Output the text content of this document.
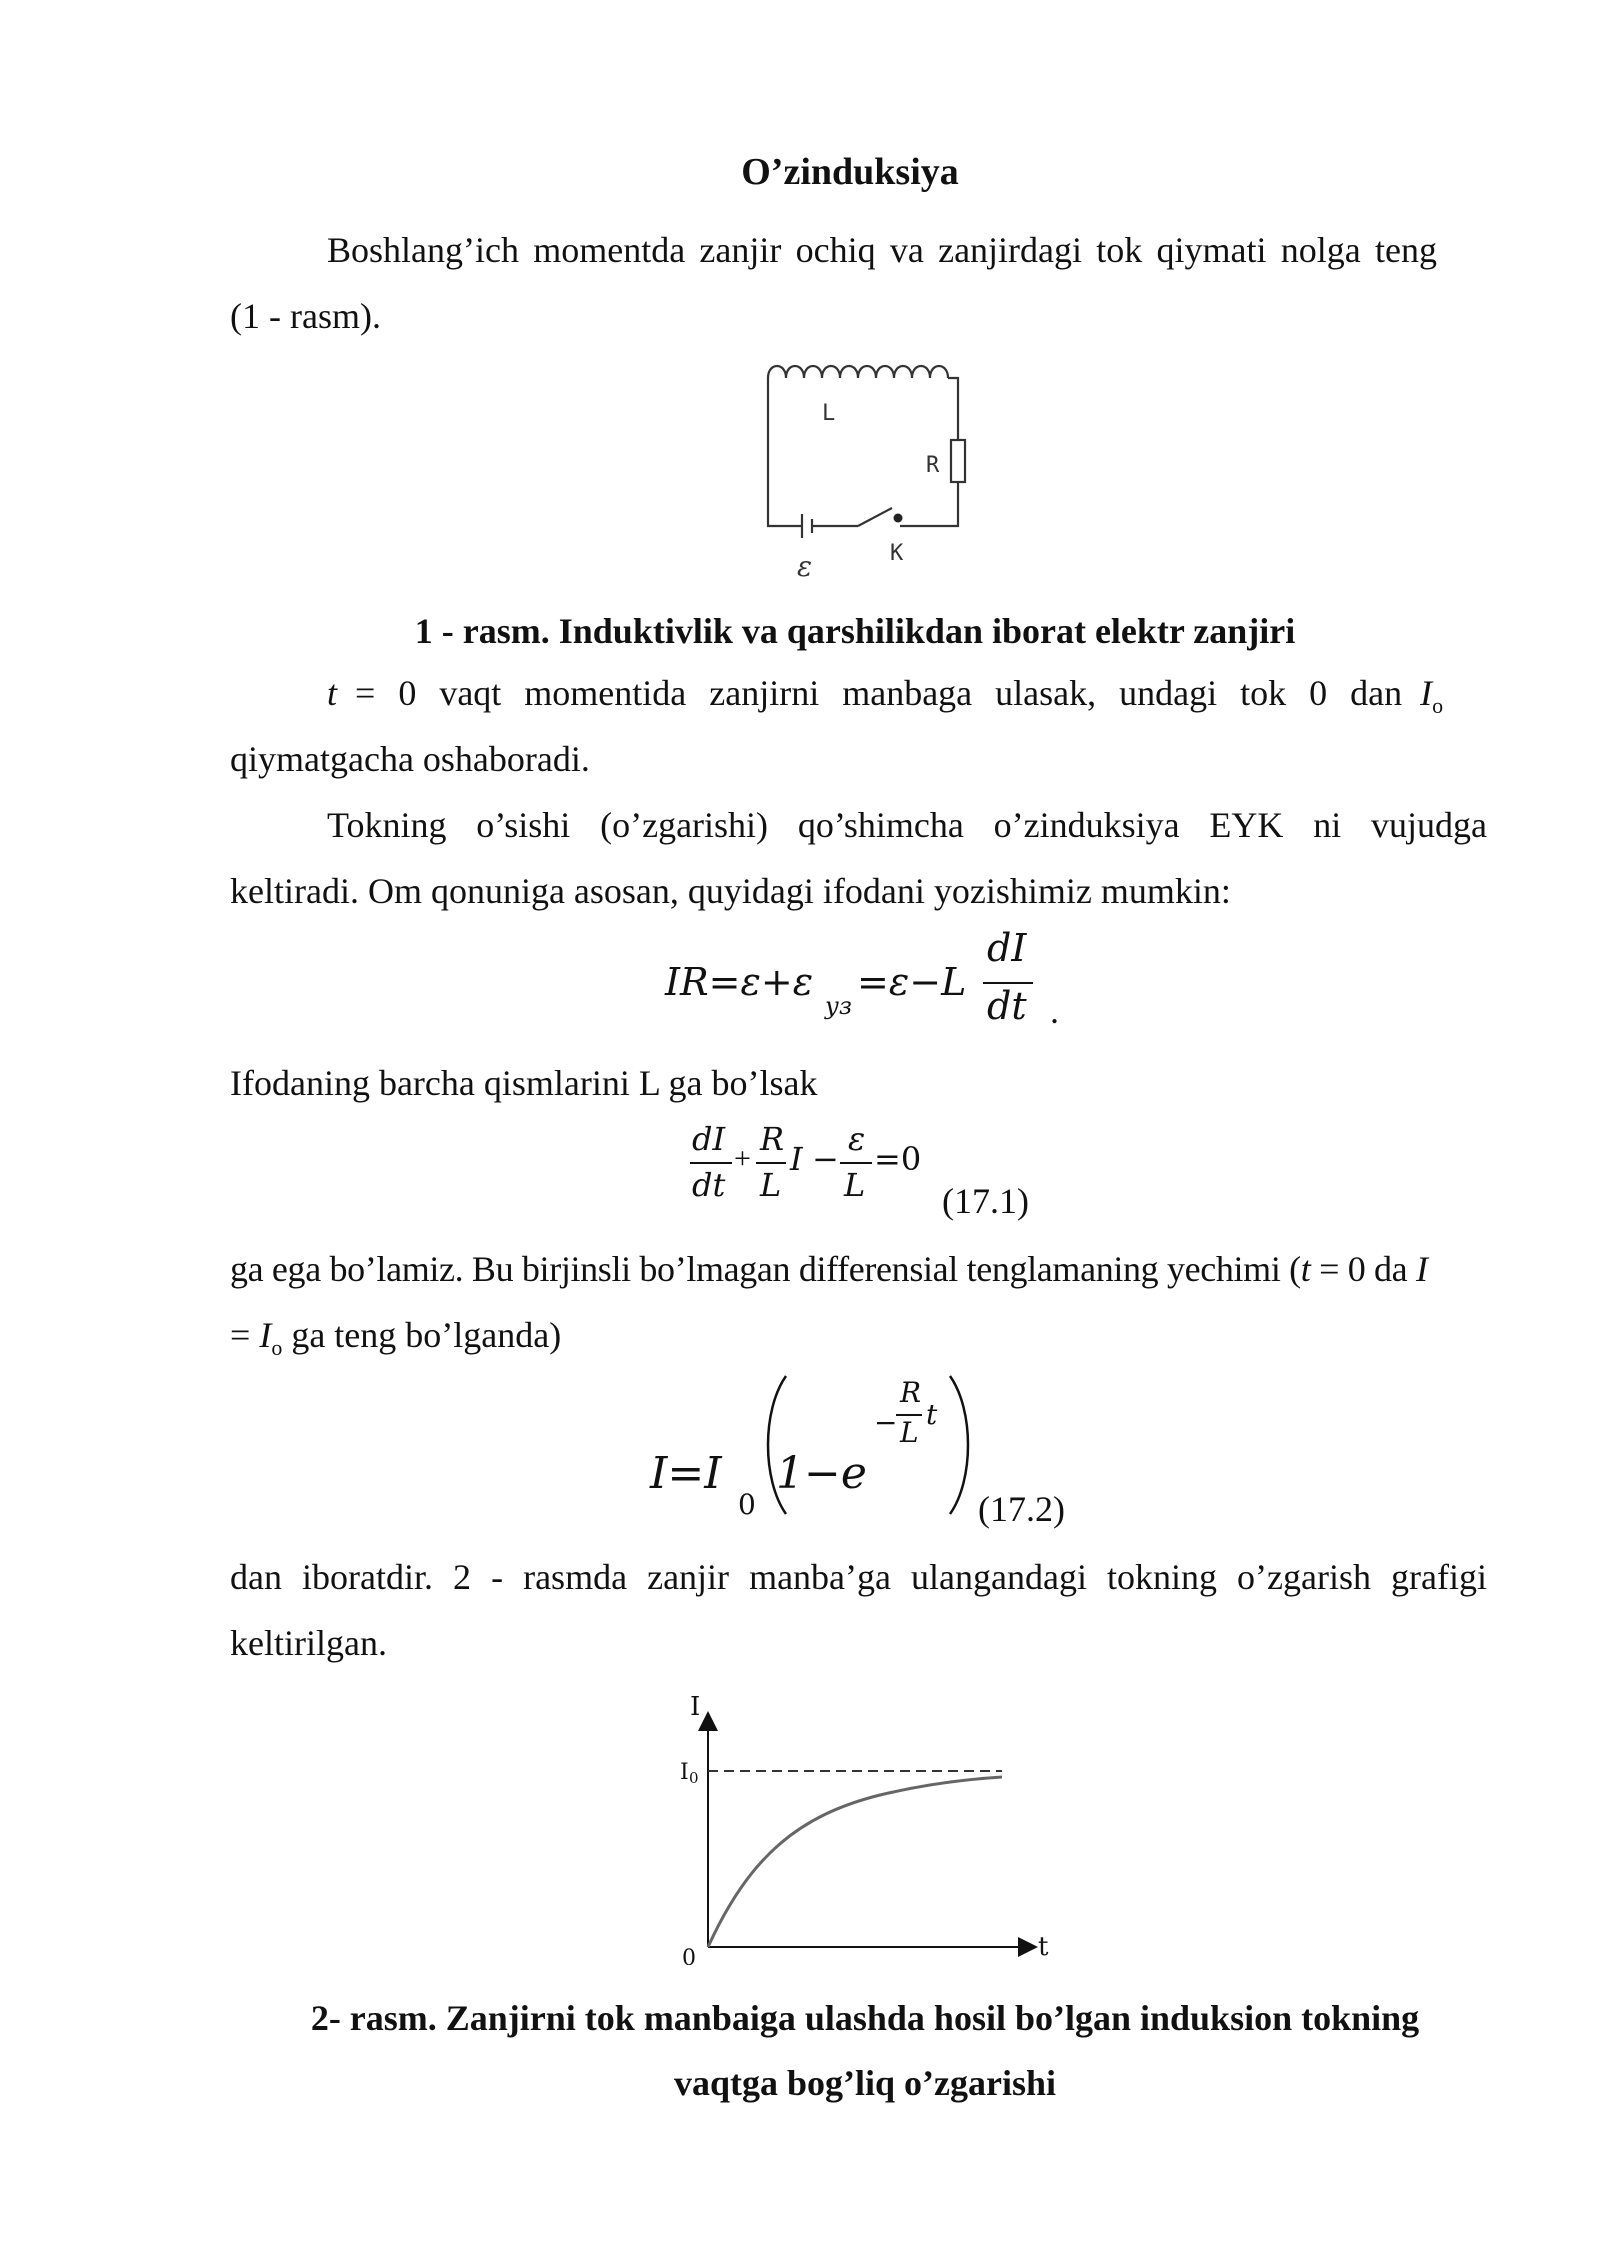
O’zinduksiya

Boshlang’ich momentda zanjir ochiq va zanjirdagi tok qiymati nolga teng

(1 - rasm).

L
R
K
ε
1 - rasm. Induktivlik va qarshilikdan iborat elektr zanjiri

t = 0 vaqt momentida zanjirni manbaga ulasak, undagi tok 0 dan $I_o$

qiymatgacha oshaboradi.

Tokning o’sishi (o’zgarishi) qo’shimcha o’zinduksiya EYK ni vujudga

keltiradi. Om qonuniga asosan, quyidagi ifodani yozishimiz mumkin:

IR=ε+ε
уз
=ε−L
dI
dt .

Ifodaning barcha qismlarini L ga bo’lsak

dI
dt
+
R
L
I −
ε
L
=0
(17.1)

ga ega bo’lamiz. Bu birjinsli bo’lmagan differensial tenglamaning yechimi (t = 0 da I

= $I_o$ ga teng bo’lganda)

I=I
0
1−e
−
R
L
t
(17.2)

dan iboratdir. 2 - rasmda zanjir manba’ga ulangandagi tokning o’zgarish grafigi

keltirilgan.

I
I 0
0	t
2- rasm. Zanjirni tok manbaiga ulashda hosil bo’lgan induksion tokning
vaqtga bog’liq o’zgarishi
